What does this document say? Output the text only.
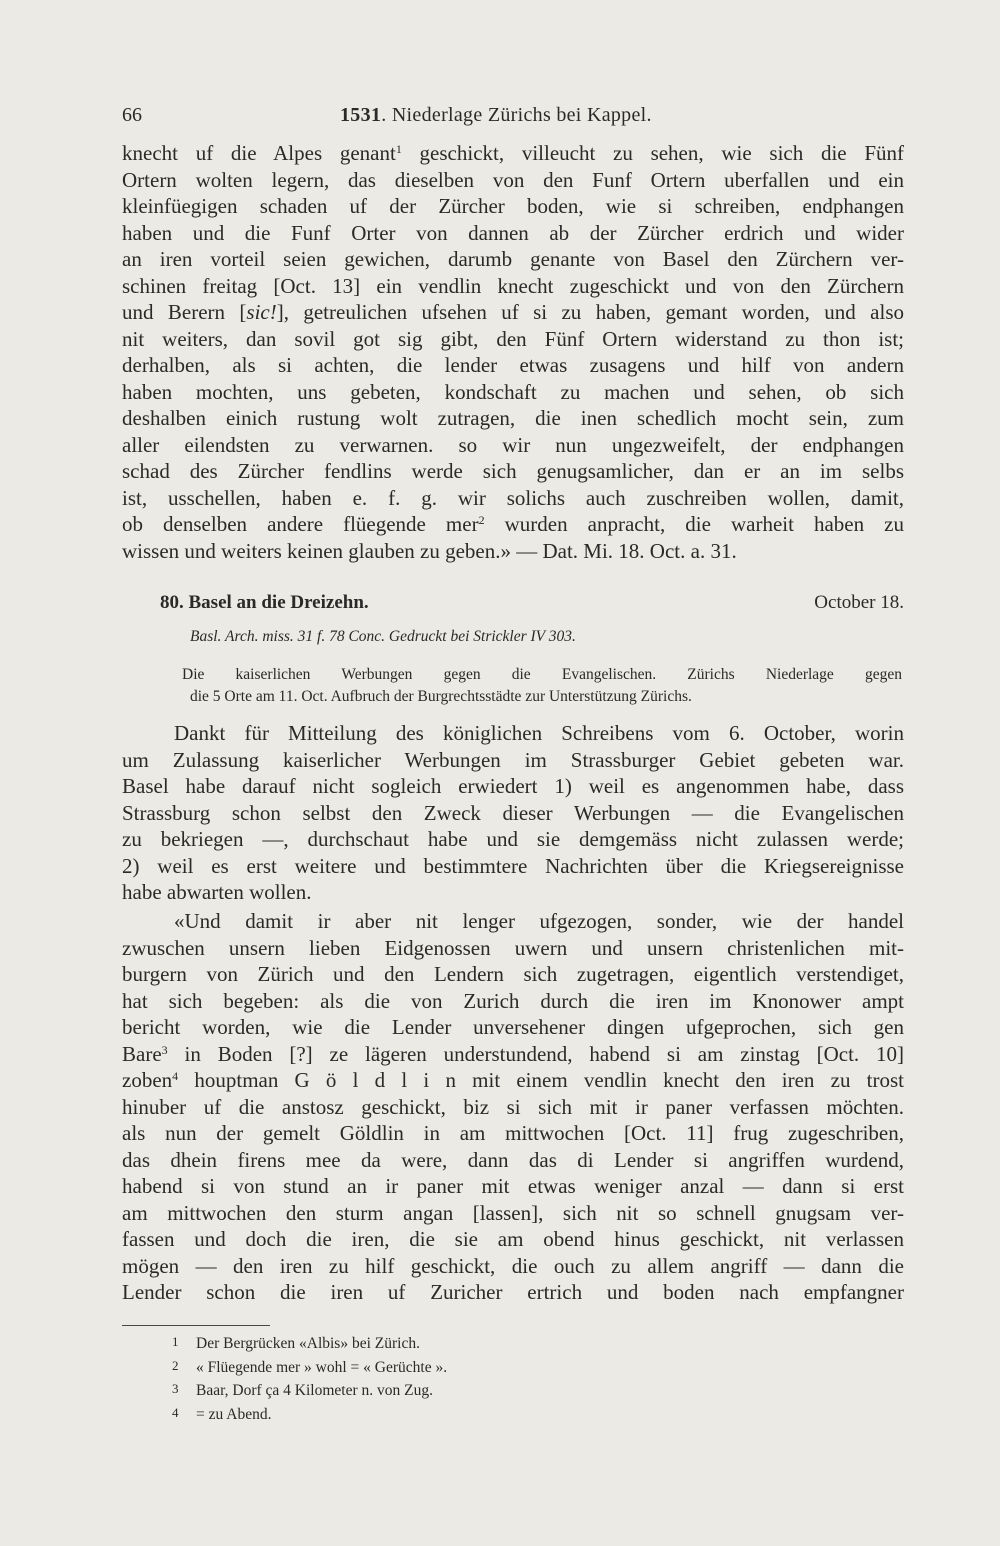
66	1531. Niederlage Zürichs bei Kappel.
knecht uf die Alpes genant$^1$ geschickt, villeucht zu sehen, wie sich die Fünf
Ortern wolten legern, das dieselben von den Funf Ortern uberfallen und ein
kleinfüegigen schaden uf der Zürcher boden, wie si schreiben, endphangen
haben und die Funf Orter von dannen ab der Zürcher erdrich und wider
an iren vorteil seien gewichen, darumb genante von Basel den Zürchern ver-
schinen freitag [Oct. 13] ein vendlin knecht zugeschickt und von den Zürchern
und Berern [sic!], getreulichen ufsehen uf si zu haben, gemant worden, und also
nit weiters, dan sovil got sig gibt, den Fünf Ortern widerstand zu thon ist;
derhalben, als si achten, die lender etwas zusagens und hilf von andern
haben mochten, uns gebeten, kondschaft zu machen und sehen, ob sich
deshalben einich rustung wolt zutragen, die inen schedlich mocht sein, zum
aller eilendsten zu verwarnen. so wir nun ungezweifelt, der endphangen
schad des Zürcher fendlins werde sich genugsamlicher, dan er an im selbs
ist, usschellen, haben e. f. g. wir solichs auch zuschreiben wollen, damit,
ob denselben andere flüegende mer$^2$ wurden anpracht, die warheit haben zu
wissen und weiters keinen glauben zu geben.» — Dat. Mi. 18. Oct. a. 31.
80. Basel an die Dreizehn.	October 18.
Basl. Arch. miss. 31 f. 78 Conc. Gedruckt bei Strickler IV 303.
Die kaiserlichen Werbungen gegen die Evangelischen. Zürichs Niederlage gegen
die 5 Orte am 11. Oct. Aufbruch der Burgrechtsstädte zur Unterstützung Zürichs.
Dankt für Mitteilung des königlichen Schreibens vom 6. October, worin
um Zulassung kaiserlicher Werbungen im Strassburger Gebiet gebeten war.
Basel habe darauf nicht sogleich erwiedert 1) weil es angenommen habe, dass
Strassburg schon selbst den Zweck dieser Werbungen — die Evangelischen
zu bekriegen —, durchschaut habe und sie demgemäss nicht zulassen werde;
2) weil es erst weitere und bestimmtere Nachrichten über die Kriegsereignisse
habe abwarten wollen.
«Und damit ir aber nit lenger ufgezogen, sonder, wie der handel
zwuschen unsern lieben Eidgenossen uwern und unsern christenlichen mit-
burgern von Zürich und den Lendern sich zugetragen, eigentlich verstendiget,
hat sich begeben: als die von Zurich durch die iren im Knonower ampt
bericht worden, wie die Lender unversehener dingen ufgeprochen, sich gen
Bare$^3$ in Boden [?] ze lägeren understundend, habend si am zinstag [Oct. 10]
zoben$^4$ houptman G ö l d l i n mit einem vendlin knecht den iren zu trost
hinuber uf die anstosz geschickt, biz si sich mit ir paner verfassen möchten.
als nun der gemelt Göldlin in am mittwochen [Oct. 11] frug zugeschriben,
das dhein firens mee da were, dann das di Lender si angriffen wurdend,
habend si von stund an ir paner mit etwas weniger anzal — dann si erst
am mittwochen den sturm angan [lassen], sich nit so schnell gnugsam ver-
fassen und doch die iren, die sie am obend hinus geschickt, nit verlassen
mögen — den iren zu hilf geschickt, die ouch zu allem angriff — dann die
Lender schon die iren uf Zuricher ertrich und boden nach empfangner
1 Der Bergrücken «Albis» bei Zürich.
2 « Flüegende mer » wohl = « Gerüchte ».
3 Baar, Dorf ça 4 Kilometer n. von Zug.
4 = zu Abend.
